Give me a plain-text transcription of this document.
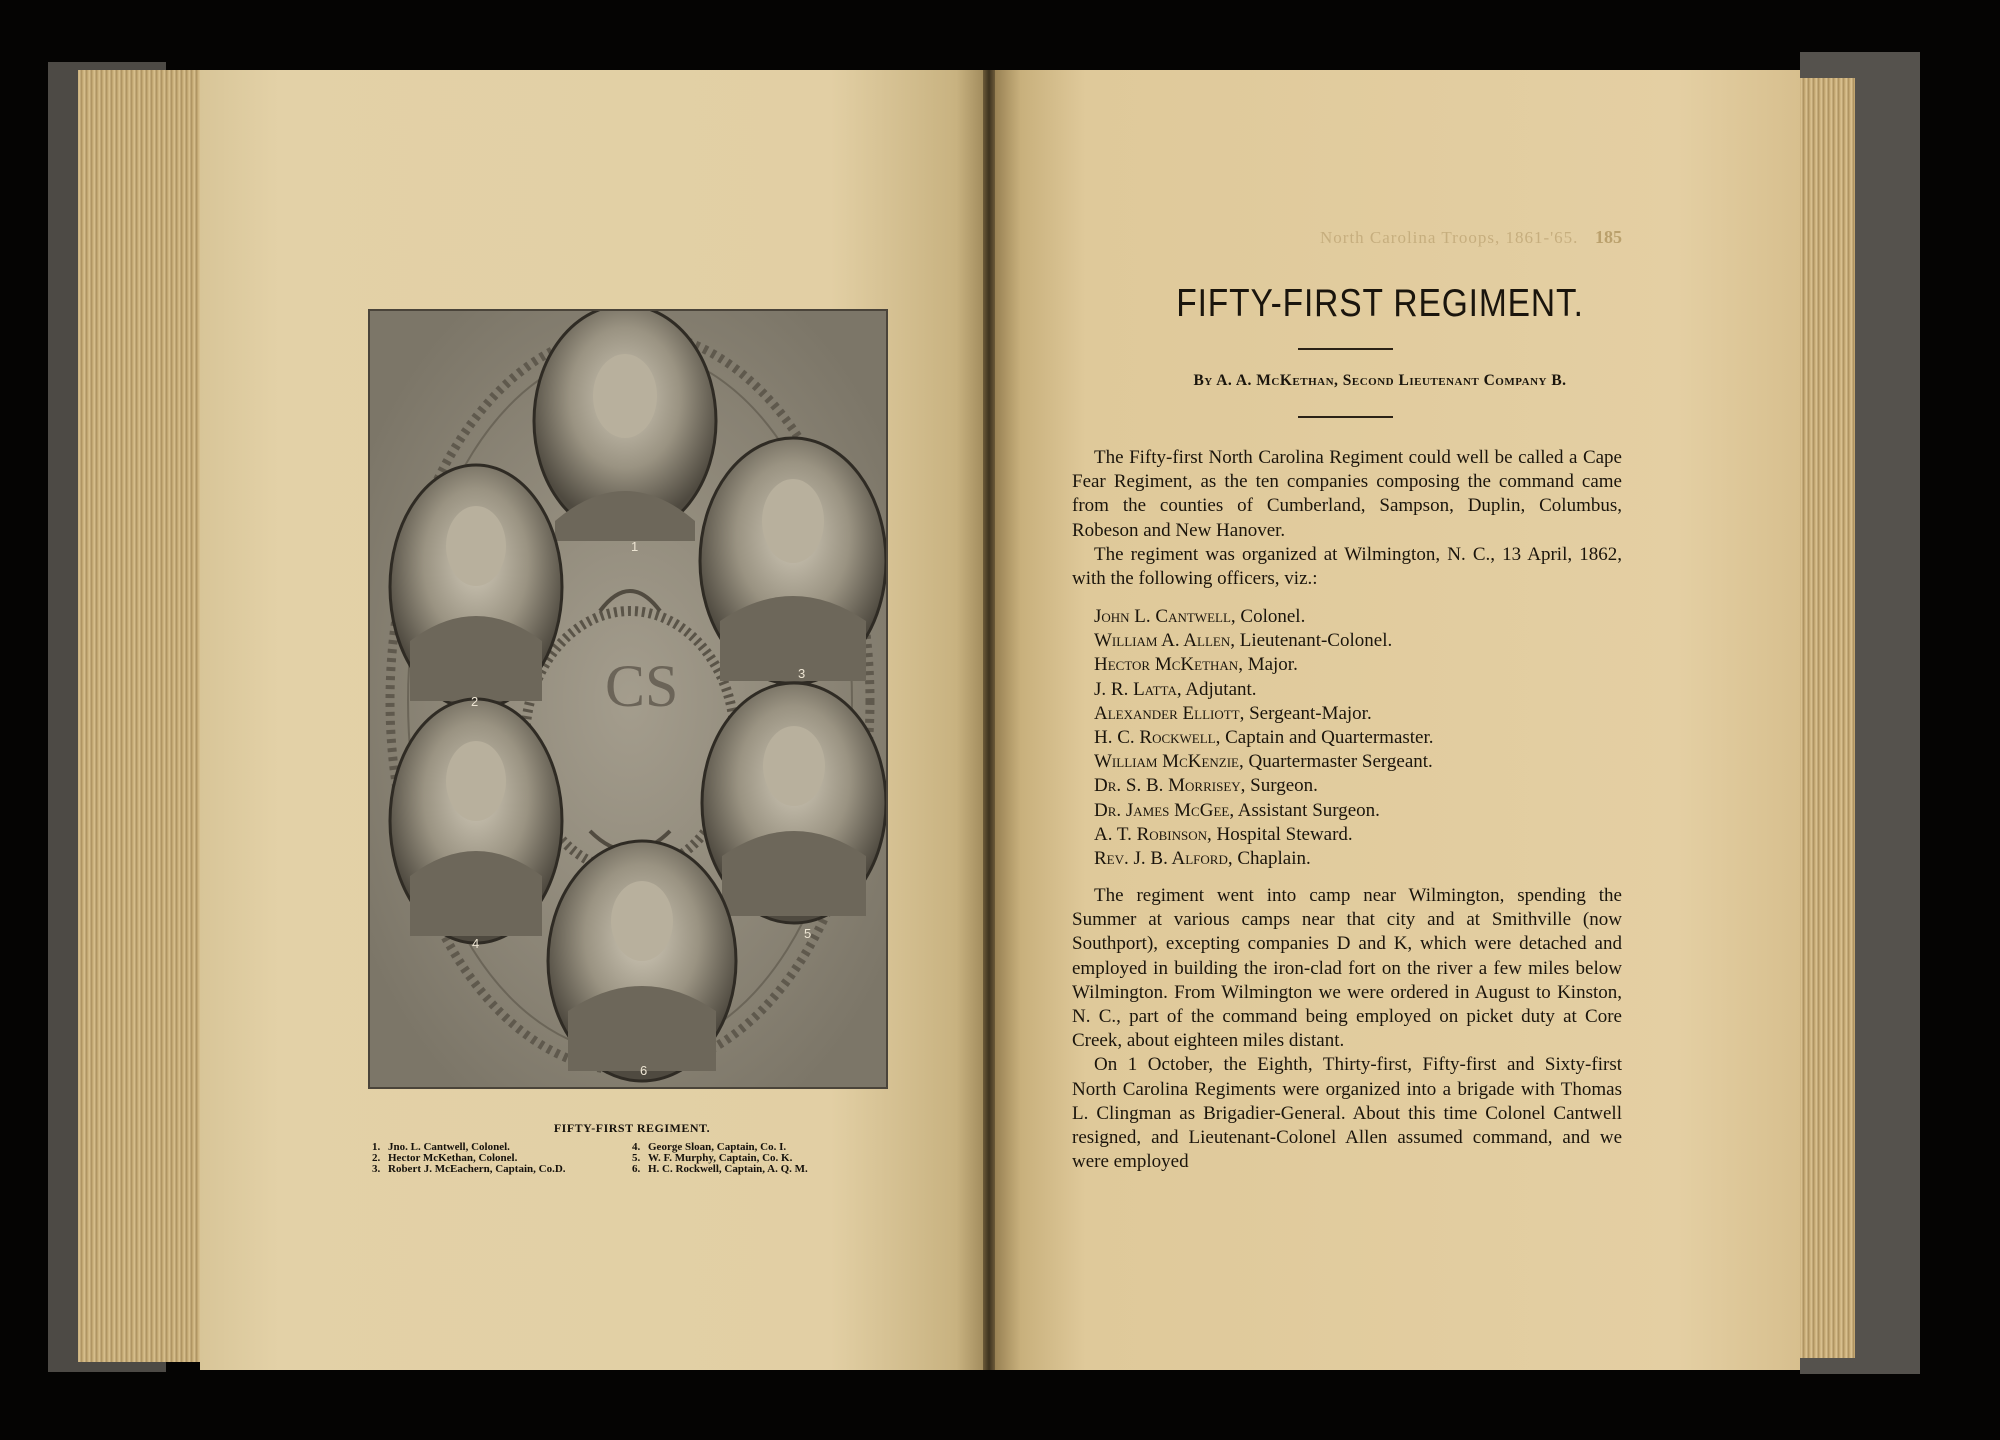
CS
1
2
3
4
5
6
FIFTY-FIRST REGIMENT.
1. Jno. L. Cantwell, Colonel.
2. Hector McKethan, Colonel.
3. Robert J. McEachern, Captain, Co.D.
4. George Sloan, Captain, Co. I.
5. W. F. Murphy, Captain, Co. K.
6. H. C. Rockwell, Captain, A. Q. M.
North Carolina Troops, 1861-'65. 185
FIFTY-FIRST REGIMENT.
By A. A. McKethan, Second Lieutenant Company B.

The Fifty-first North Carolina Regiment could well be called a Cape Fear Regiment, as the ten companies composing the command came from the counties of Cumberland, Sampson, Duplin, Columbus, Robeson and New Hanover.

The regiment was organized at Wilmington, N. C., 13 April, 1862, with the following officers, viz.:

John L. Cantwell, Colonel.
William A. Allen, Lieutenant-Colonel.
Hector McKethan, Major.
J. R. Latta, Adjutant.
Alexander Elliott, Sergeant-Major.
H. C. Rockwell, Captain and Quartermaster.
William McKenzie, Quartermaster Sergeant.
Dr. S. B. Morrisey, Surgeon.
Dr. James McGee, Assistant Surgeon.
A. T. Robinson, Hospital Steward.
Rev. J. B. Alford, Chaplain.

The regiment went into camp near Wilmington, spending the Summer at various camps near that city and at Smithville (now Southport), excepting companies D and K, which were detached and employed in building the iron-clad fort on the river a few miles below Wilmington. From Wilmington we were ordered in August to Kinston, N. C., part of the command being employed on picket duty at Core Creek, about eighteen miles distant.

On 1 October, the Eighth, Thirty-first, Fifty-first and Sixty-first North Carolina Regiments were organized into a brigade with Thomas L. Clingman as Brigadier-General. About this time Colonel Cantwell resigned, and Lieutenant-Colonel Allen assumed command, and we were employed
